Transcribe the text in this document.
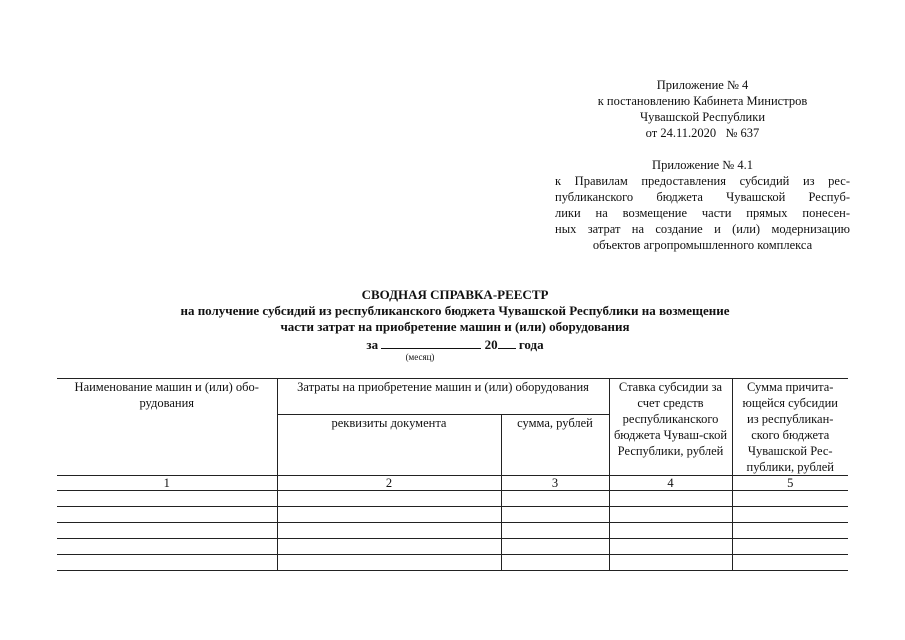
Приложение № 4
к постановлению Кабинета Министров
Чувашской Республики
от 24.11.2020   № 637
Приложение № 4.1
к Правилам предоставления субсидий из рес-
публиканского бюджета Чувашской Респуб-
лики на возмещение части прямых понесен-
ных затрат на создание и (или) модернизацию
объектов агропромышленного комплекса
СВОДНАЯ СПРАВКА-РЕЕСТР
на получение субсидий из республиканского бюджета Чувашской Республики на возмещение
части затрат на приобретение машин и (или) оборудования
за	20 года
(месяц)
Наименование машин и (или) обо-рудования	Затраты на приобретение машин и (или) оборудования		Ставка субсидии за счет средств республиканского бюджета Чуваш-ской Республики, рублей	Сумма причита-ющейся субсидии из республикан-ского бюджета Чувашской Рес-публики, рублей
	реквизиты документа	сумма, рублей		
1	2	3	4	5
